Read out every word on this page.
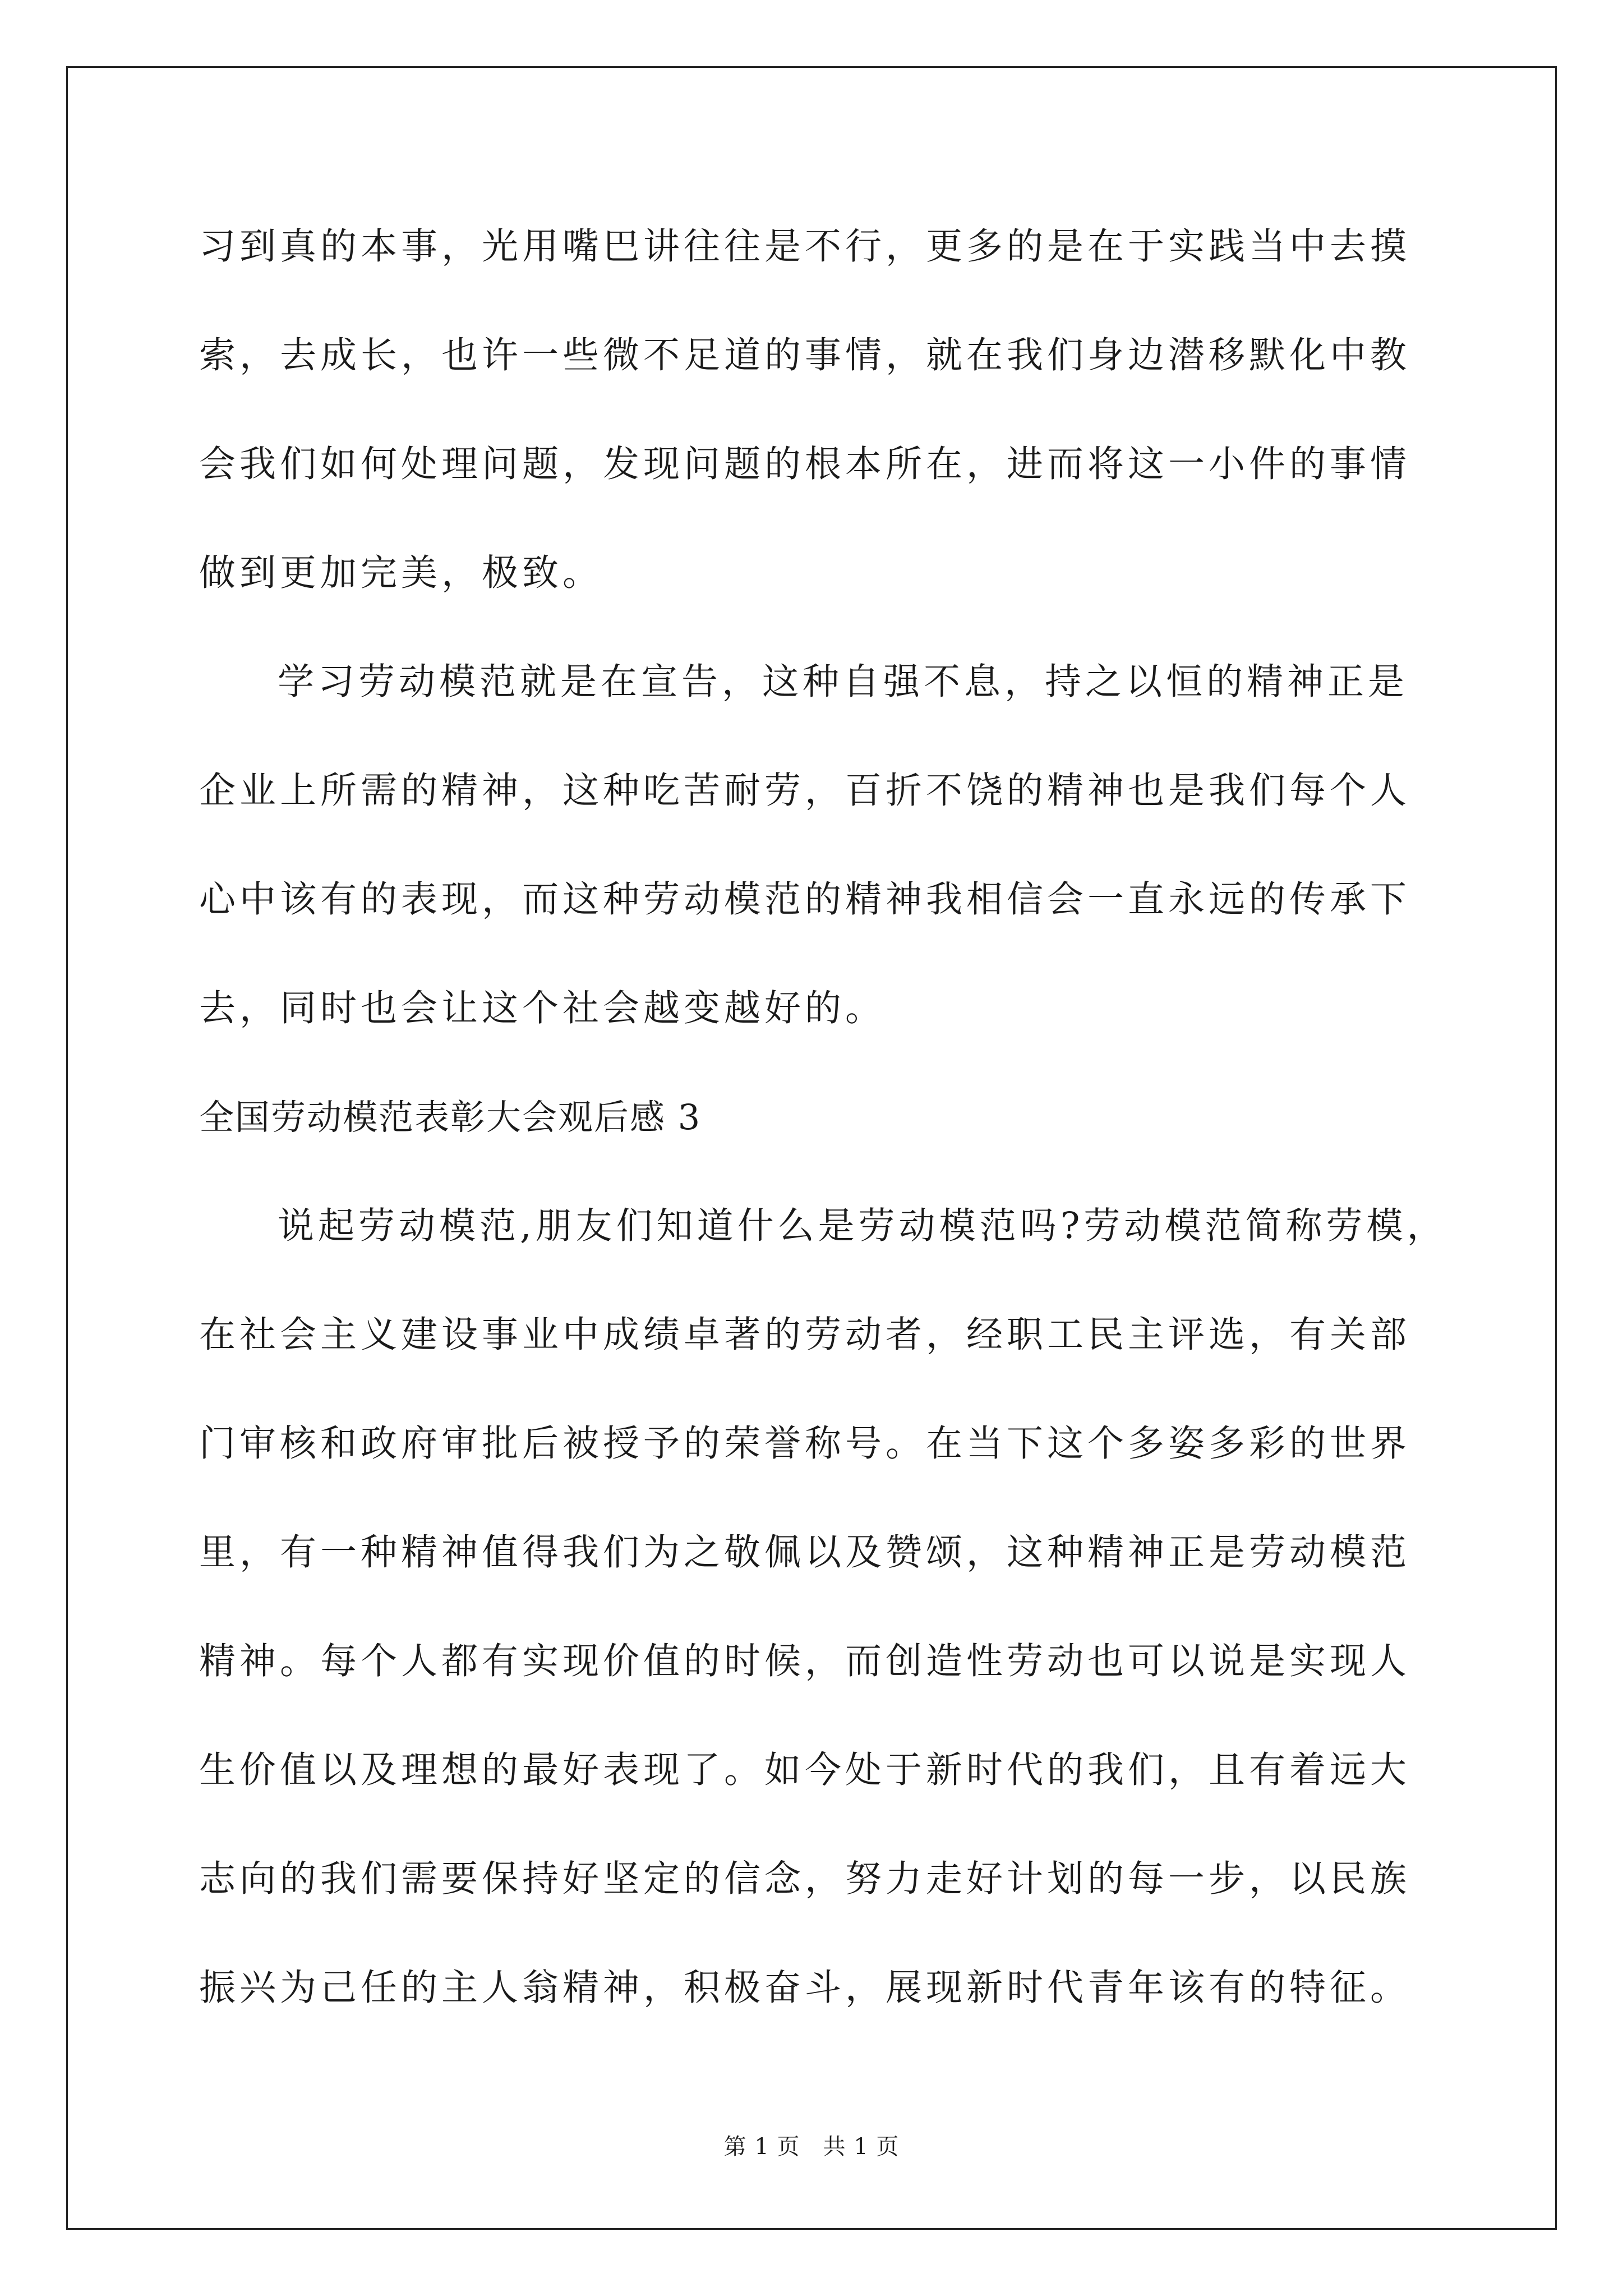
习到真的本事，光用嘴巴讲往往是不行，更多的是在于实践当中去摸
索，去成长，也许一些微不足道的事情，就在我们身边潜移默化中教
会我们如何处理问题，发现问题的根本所在，进而将这一小件的事情
做到更加完美，极致。
学习劳动模范就是在宣告，这种自强不息，持之以恒的精神正是
企业上所需的精神，这种吃苦耐劳，百折不饶的精神也是我们每个人
心中该有的表现，而这种劳动模范的精神我相信会一直永远的传承下
去，同时也会让这个社会越变越好的。
全国劳动模范表彰大会观后感 3
说起劳动模范,朋友们知道什么是劳动模范吗?劳动模范简称劳模，
在社会主义建设事业中成绩卓著的劳动者，经职工民主评选，有关部
门审核和政府审批后被授予的荣誉称号。在当下这个多姿多彩的世界
里，有一种精神值得我们为之敬佩以及赞颂，这种精神正是劳动模范
精神。每个人都有实现价值的时候，而创造性劳动也可以说是实现人
生价值以及理想的最好表现了。如今处于新时代的我们，且有着远大
志向的我们需要保持好坚定的信念，努力走好计划的每一步，以民族
振兴为己任的主人翁精神，积极奋斗，展现新时代青年该有的特征。
第 1 页　共 1 页
